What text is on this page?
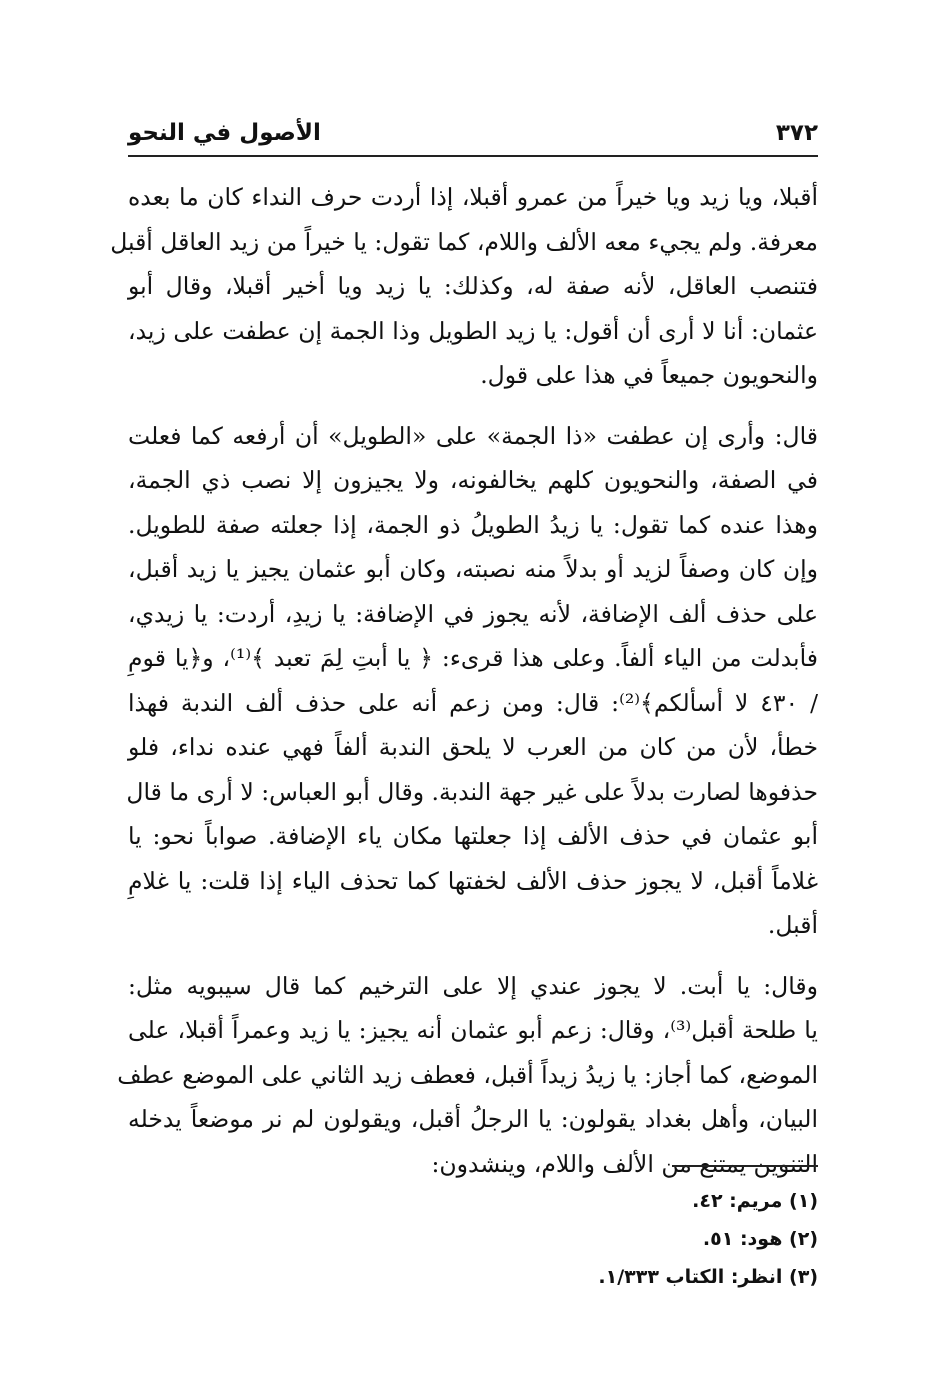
٣٧٢
الأصول في النحو

أقبلا، ويا زيد ويا خيراً من عمرو أقبلا، إذا أردت حرف النداء كان ما بعده
معرفة. ولم يجيء معه الألف واللام، كما تقول: يا خيراً من زيد العاقل أقبل
فتنصب العاقل، لأنه صفة له، وكذلك: يا زيد ويا أخير أقبلا، وقال أبو
عثمان: أنا لا أرى أن أقول: يا زيد الطويل وذا الجمة إن عطفت على زيد،
والنحويون جميعاً في هذا على قول.

قال: وأرى إن عطفت «ذا الجمة» على «الطويل» أن أرفعه كما فعلت
في الصفة، والنحويون كلهم يخالفونه، ولا يجيزون إلا نصب ذي الجمة،
وهذا عنده كما تقول: يا زيدُ الطويلُ ذو الجمة، إذا جعلته صفة للطويل.
وإن كان وصفاً لزيد أو بدلاً منه نصبته، وكان أبو عثمان يجيز يا زيد أقبل،
على حذف ألف الإضافة، لأنه يجوز في الإضافة: يا زيدِ، أردت: يا زيدي،
فأبدلت من الياء ألفاً. وعلى هذا قرىء: ﴿ يا أبتِ لِمَ تعبد ﴾⁽¹⁾، و﴿يا قومِ
/ ٤٣٠ لا أسألكم﴾⁽²⁾: قال: ومن زعم أنه على حذف ألف الندبة فهذا
خطأ، لأن من كان من العرب لا يلحق الندبة ألفاً فهي عنده نداء، فلو
حذفوها لصارت بدلاً على غير جهة الندبة. وقال أبو العباس: لا أرى ما قال
أبو عثمان في حذف الألف إذا جعلتها مكان ياء الإضافة. صواباً نحو: يا
غلاماً أقبل، لا يجوز حذف الألف لخفتها كما تحذف الياء إذا قلت: يا غلامِ
أقبل.

وقال: يا أبت. لا يجوز عندي إلا على الترخيم كما قال سيبويه مثل:
يا طلحة أقبل⁽³⁾، وقال: زعم أبو عثمان أنه يجيز: يا زيد وعمراً أقبلا، على
الموضع، كما أجاز: يا زيدُ زيداً أقبل، فعطف زيد الثاني على الموضع عطف
البيان، وأهل بغداد يقولون: يا الرجلُ أقبل، ويقولون لم نر موضعاً يدخله
التنوين يمتنع من الألف واللام، وينشدون:

(١) مريم: ٤٢.
(٢) هود: ٥١.
(٣) انظر: الكتاب ١/٣٣٣.
